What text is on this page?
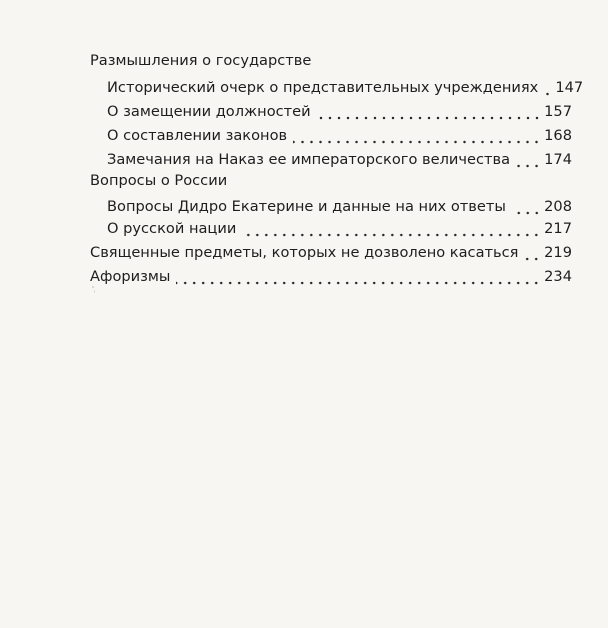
Размышления о государстве
Исторический очерк о представительных учреждениях 147
О замещении должностей	157
О составлении законов	168
Замечания на Наказ ее императорского величества 174
Вопросы о России
Вопросы Дидро Екатерине и данные на них ответы	208
О русской нации	217
Священные предметы, которых не дозволено касаться 219
Афоризмы	234
